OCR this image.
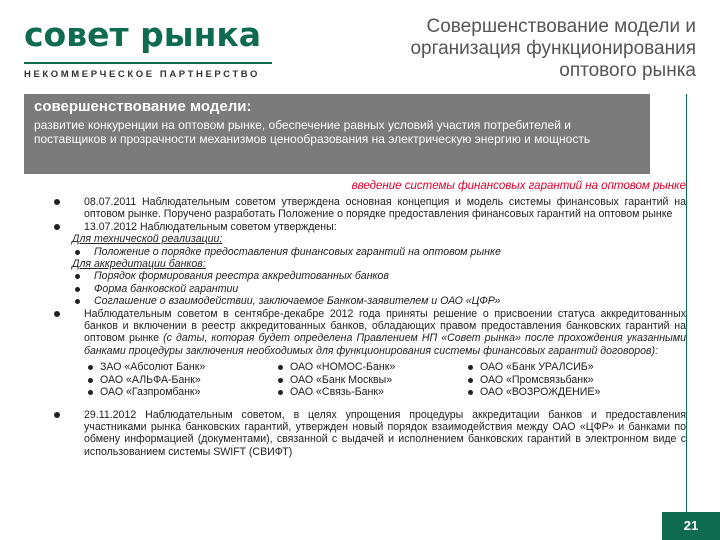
совет рынка
НЕКОММЕРЧЕСКОЕ ПАРТНЕРСТВО
Совершенствование модели и организация функционирования оптового рынка
совершенствование модели:
развитие конкуренции на оптовом рынке, обеспечение равных условий участия потребителей и поставщиков и прозрачности механизмов ценообразования на электрическую энергию и мощность
введение системы финансовых гарантий на оптовом рынке
08.07.2011 Наблюдательным советом утверждена основная концепция и модель системы финансовых гарантий на оптовом рынке. Поручено разработать Положение о порядке предоставления финансовых гарантий на оптовом рынке
13.07.2012 Наблюдательным советом утверждены:
Для технической реализации:
Положение о порядке предоставления финансовых гарантий на оптовом рынке
Для аккредитации банков:
Порядок формирования реестра аккредитованных банков
Форма банковской гарантии
Соглашение о взаимодействии, заключаемое Банком-заявителем и ОАО «ЦФР»
Наблюдательным советом в сентябре-декабре 2012 года приняты решение о присвоении статуса аккредитованных банков и включении в реестр аккредитованных банков, обладающих правом предоставления банковских гарантий на оптовом рынке (с даты, которая будет определена Правлением НП «Совет рынка» после прохождения указанными банками процедуры заключения необходимых для функционирования системы финансовых гарантий договоров):
ЗАО «Абсолют Банк»
ОАО «АЛЬФА-Банк»
ОАО «Газпромбанк»
ОАО «НОМОС-Банк»
ОАО «Банк Москвы»
ОАО «Связь-Банк»
ОАО «Банк УРАЛСИБ»
ОАО «Промсвязьбанк»
ОАО «ВОЗРОЖДЕНИЕ»
29.11.2012 Наблюдательным советом, в целях упрощения процедуры аккредитации банков и предоставления участниками рынка банковских гарантий, утвержден новый порядок взаимодействия между ОАО «ЦФР» и банками по обмену информацией (документами), связанной с выдачей и исполнением банковских гарантий в электронном виде с использованием системы SWIFT (СВИФТ)
21
